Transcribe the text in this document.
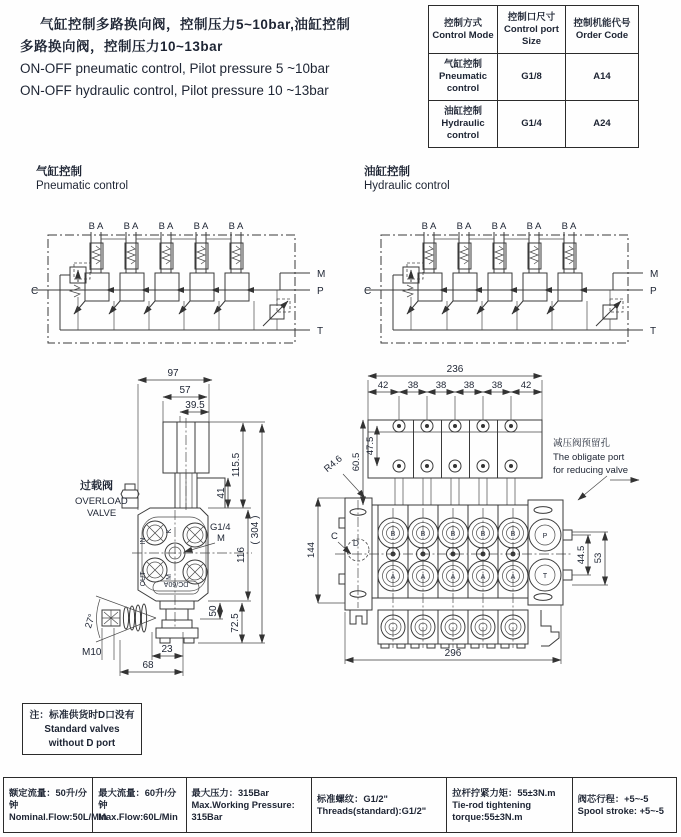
气缸控制多路换向阀，控制压力5~10bar,油缸控制
多路换向阀，控制压力10~13bar
ON-OFF pneumatic control, Pilot pressure 5 ~10bar
ON-OFF hydraulic control, Pilot pressure 10 ~13bar
控制方式
Control Mode

控制口尺寸
Control port
Size

控制机能代号
Order Code

气缸控制
Pneumatic
control	G1/8	A14

油缸控制
Hydraulic
control	G1/4	A24
气缸控制
Pneumatic control
油缸控制
Hydraulic control
BA BA BA BA BA
C
M
P
T
BA BA BA BA BA
C
M
P
T
97
57
39.5
115.5
41
( 304 )
116
72.5
50
IN
OUT
K
M
DC/60A
过载阀
OVERLOAD
VALVE
G1/4
M
27°
M10	23
68
236
42 38 38 38 38 42
47.5
60.5
R4.6
D
B	B	B	B	B
A	A	A	A	A
P
T
144
C
44.5 53
296
减压阀预留孔
The obligate port
for reducing valve
注：标准供货时D口没有
Standard valves
without D port
额定流量：50升/分钟
Nominal.Flow:50L/Min

最大流量：60升/分钟
Max.Flow:60L/Min

最大压力：315Bar
Max.Working Pressure: 315Bar

标准螺纹：G1/2"
Threads(standard):G1/2"

拉杆拧紧力矩：55±3N.m
Tie-rod tightening torque:55±3N.m

阀芯行程：+5~-5
Spool stroke: +5~-5
